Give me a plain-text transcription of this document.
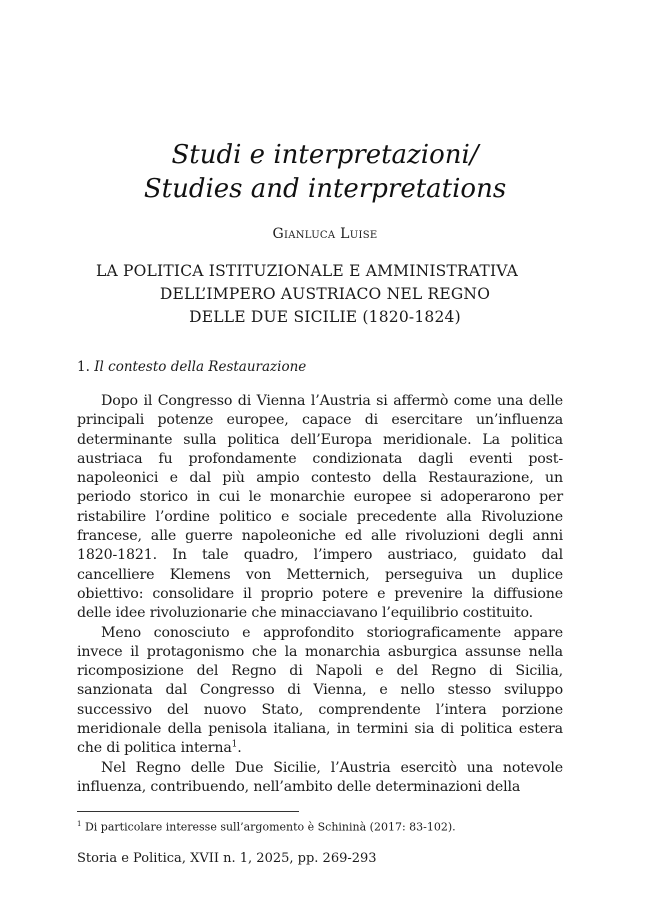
Studi e interpretazioni/
Studies and interpretations
Gianluca Luise
LA POLITICA ISTITUZIONALE E AMMINISTRATIVA
DELL’IMPERO AUSTRIACO NEL REGNO
DELLE DUE SICILIE (1820-1824)
1. Il contesto della Restaurazione

Dopo il Congresso di Vienna l’Austria si affermò come una delle principali potenze europee, capace di esercitare un’influenza determinante sulla politica dell’Europa meridionale. La politica austriaca fu profondamente condizionata dagli eventi post-napoleonici e dal più ampio contesto della Restaurazione, un periodo storico in cui le monarchie europee si adoperarono per ristabilire l’ordine politico e sociale precedente alla Rivoluzione francese, alle guerre napoleoniche ed alle rivoluzioni degli anni 1820-1821. In tale quadro, l’impero austriaco, guidato dal cancelliere Klemens von Metternich, perseguiva un duplice obiettivo: consolidare il proprio potere e prevenire la diffusione delle idee rivoluzionarie che minacciavano l’equilibrio costituito.

Meno conosciuto e approfondito storiograficamente appare invece il protagonismo che la monarchia asburgica assunse nella ricomposizione del Regno di Napoli e del Regno di Sicilia, sanzionata dal Congresso di Vienna, e nello stesso sviluppo successivo del nuovo Stato, comprendente l’intera porzione meridionale della penisola italiana, in termini sia di politica estera che di politica interna$^1$.

Nel Regno delle Due Sicilie, l’Austria esercitò una notevole influenza, contribuendo, nell’ambito delle determinazioni della

$^1$ Di particolare interesse sull’argomento è Schininà (2017: 83-102).
Storia e Politica, XVII n. 1, 2025, pp. 269-293
